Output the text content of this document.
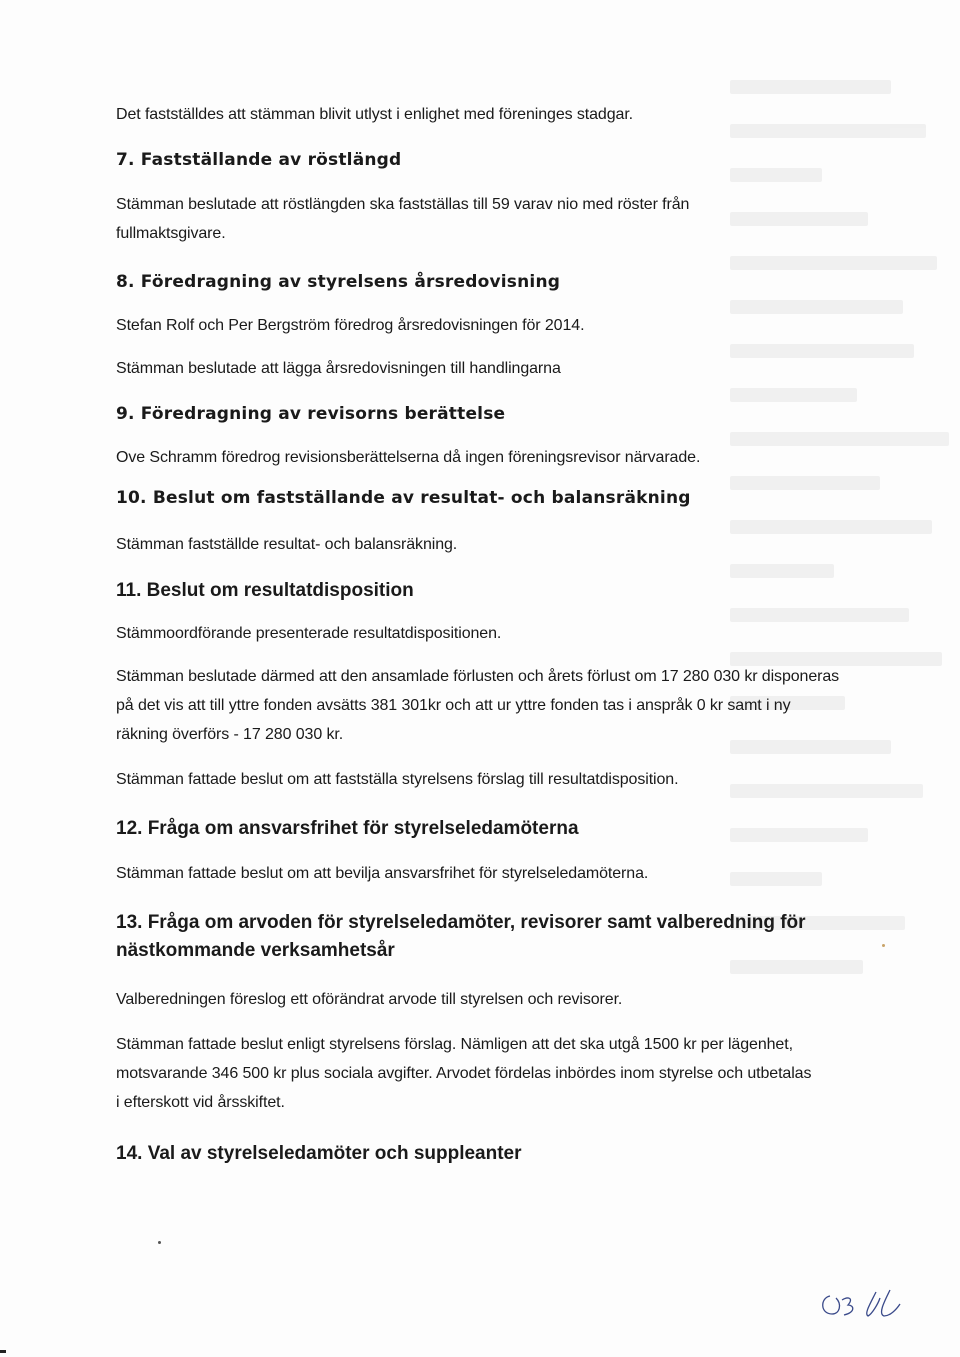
Det fastställdes att stämman blivit utlyst i enlighet med föreninges stadgar.

7. Fastställande av röstlängd

Stämman beslutade att röstlängden ska fastställas till 59 varav nio med röster från fullmaktsgivare.

8. Föredragning av styrelsens årsredovisning

Stefan Rolf och Per Bergström föredrog årsredovisningen för 2014.

Stämman beslutade att lägga årsredovisningen till handlingarna

9. Föredragning av revisorns berättelse

Ove Schramm föredrog revisionsberättelserna då ingen föreningsrevisor närvarade.

10. Beslut om fastställande av resultat- och balansräkning

Stämman fastställde resultat- och balansräkning.

11. Beslut om resultatdisposition

Stämmoordförande presenterade resultatdispositionen.

Stämman beslutade därmed att den ansamlade förlusten och årets förlust om 17 280 030 kr disponeras på det vis att till yttre fonden avsätts 381 301kr och att ur yttre fonden tas i anspråk 0 kr samt i ny räkning överförs - 17 280 030 kr.

Stämman fattade beslut om att fastställa styrelsens förslag till resultatdisposition.

12. Fråga om ansvarsfrihet för styrelseledamöterna

Stämman fattade beslut om att bevilja ansvarsfrihet för styrelseledamöterna.

13. Fråga om arvoden för styrelseledamöter, revisorer samt valberedning för nästkommande verksamhetsår

Valberedningen föreslog ett oförändrat arvode till styrelsen och revisorer.

Stämman fattade beslut enligt styrelsens förslag. Nämligen att det ska utgå 1500 kr per lägenhet, motsvarande 346 500 kr plus sociala avgifter. Arvodet fördelas inbördes inom styrelse och utbetalas i efterskott vid årsskiftet.

14. Val av styrelseledamöter och suppleanter
